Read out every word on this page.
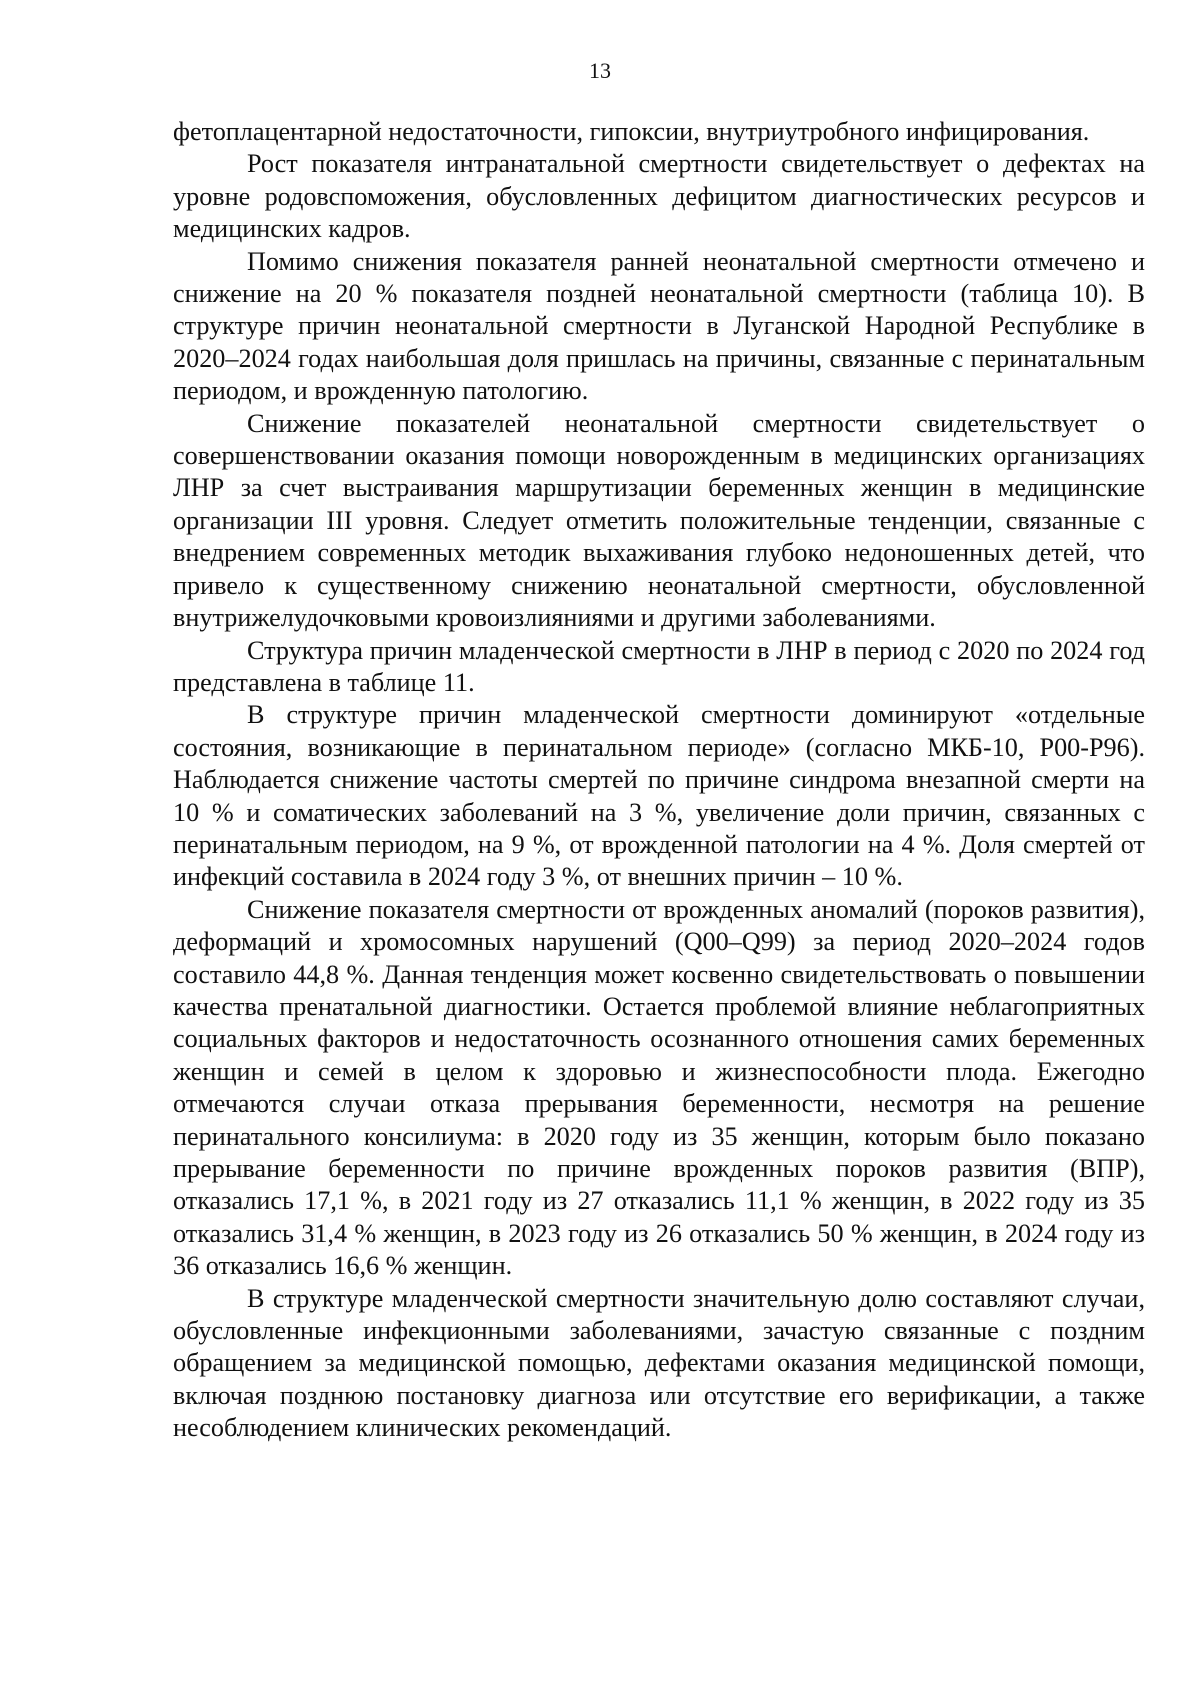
13

фетоплацентарной недостаточности, гипоксии, внутриутробного инфицирования.

Рост показателя интранатальной смертности свидетельствует о дефектах на уровне родовспоможения, обусловленных дефицитом диагностических ресурсов и медицинских кадров.

Помимо снижения показателя ранней неонатальной смертности отмечено и снижение на 20 % показателя поздней неонатальной смертности (таблица 10). В структуре причин неонатальной смертности в Луганской Народной Республике в 2020–2024 годах наибольшая доля пришлась на причины, связанные с перинатальным периодом, и врожденную патологию.

Снижение показателей неонатальной смертности свидетельствует о совершенствовании оказания помощи новорожденным в медицинских организациях ЛНР за счет выстраивания маршрутизации беременных женщин в медицинские организации III уровня. Следует отметить положительные тенденции, связанные с внедрением современных методик выхаживания глубоко недоношенных детей, что привело к существенному снижению неонатальной смертности, обусловленной внутрижелудочковыми кровоизлияниями и другими заболеваниями.

Структура причин младенческой смертности в ЛНР в период с 2020 по 2024 год представлена в таблице 11.

В структуре причин младенческой смертности доминируют «отдельные состояния, возникающие в перинатальном периоде» (согласно МКБ-10, P00-P96). Наблюдается снижение частоты смертей по причине синдрома внезапной смерти на 10 % и соматических заболеваний на 3 %, увеличение доли причин, связанных с перинатальным периодом, на 9 %, от врожденной патологии на 4 %. Доля смертей от инфекций составила в 2024 году 3 %, от внешних причин – 10 %.

Снижение показателя смертности от врожденных аномалий (пороков развития), деформаций и хромосомных нарушений (Q00–Q99) за период 2020–2024 годов составило 44,8 %. Данная тенденция может косвенно свидетельствовать о повышении качества пренатальной диагностики. Остается проблемой влияние неблагоприятных социальных факторов и недостаточность осознанного отношения самих беременных женщин и семей в целом к здоровью и жизнеспособности плода. Ежегодно отмечаются случаи отказа прерывания беременности, несмотря на решение перинатального консилиума: в 2020 году из 35 женщин, которым было показано прерывание беременности по причине врожденных пороков развития (ВПР), отказались 17,1 %, в 2021 году из 27 отказались 11,1 % женщин, в 2022 году из 35 отказались 31,4 % женщин, в 2023 году из 26 отказались 50 % женщин, в 2024 году из 36 отказались 16,6 % женщин.

В структуре младенческой смертности значительную долю составляют случаи, обусловленные инфекционными заболеваниями, зачастую связанные с поздним обращением за медицинской помощью, дефектами оказания медицинской помощи, включая позднюю постановку диагноза или отсутствие его верификации, а также несоблюдением клинических рекомендаций.
